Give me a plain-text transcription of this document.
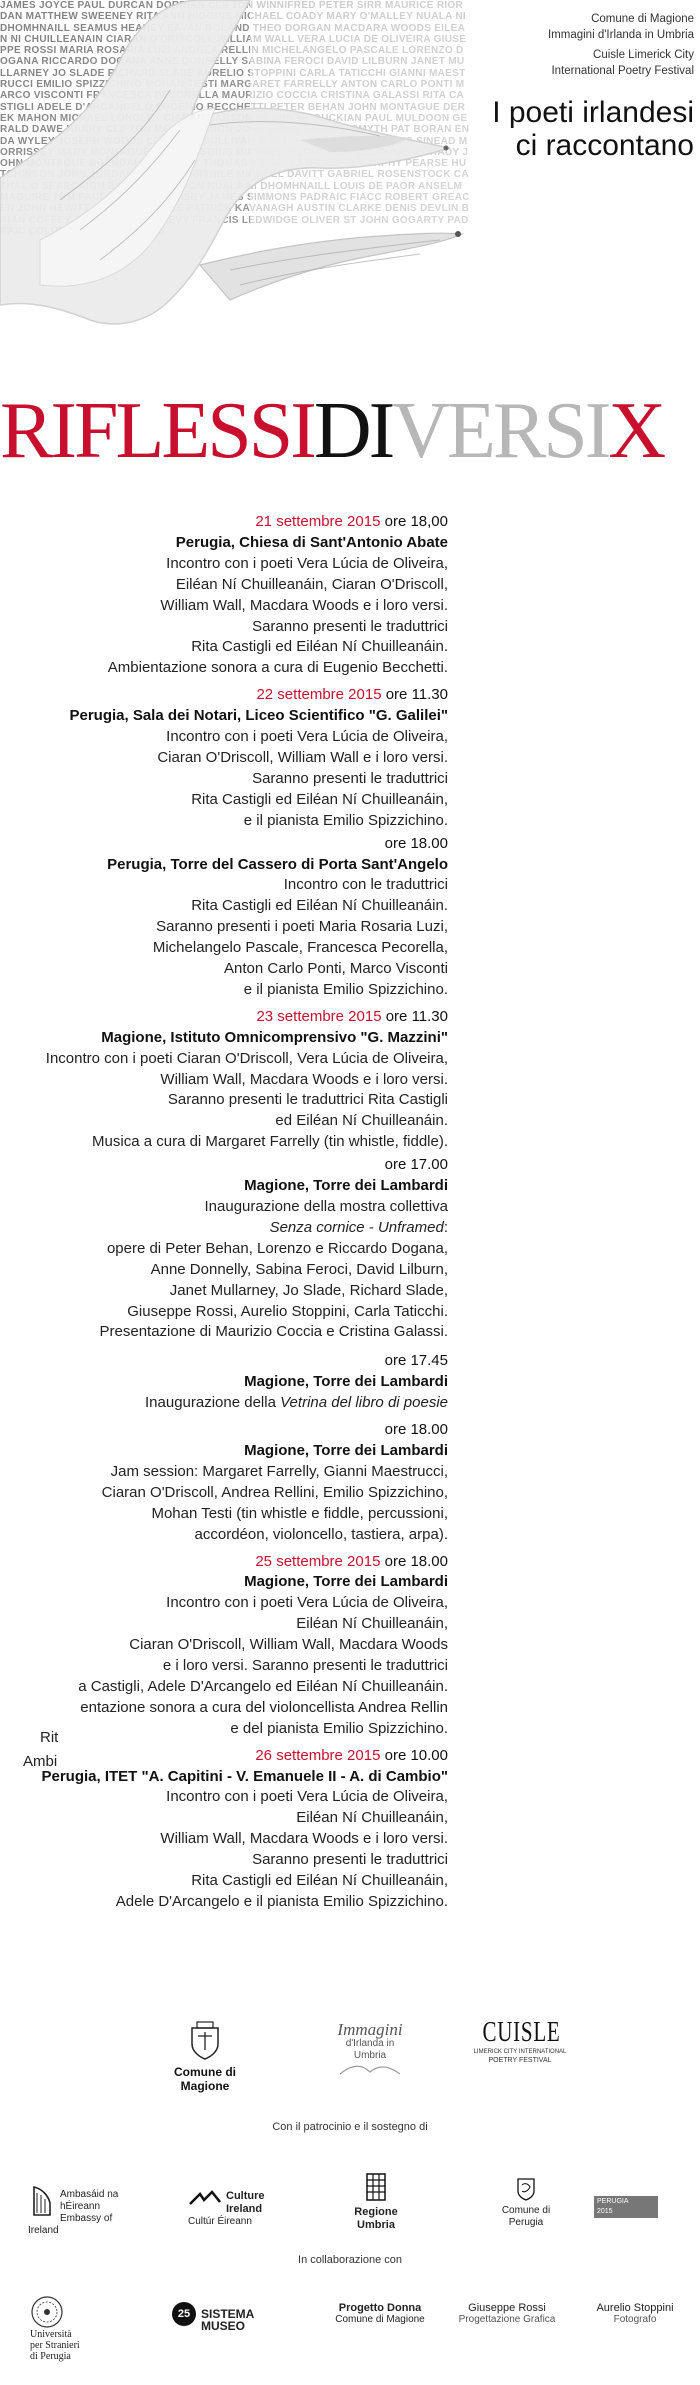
Comune di Magione
Immagini d'Irlanda in Umbria
Cuisle Limerick City
International Poetry Festival
I poeti irlandesi
ci raccontano
RIFLESSIDIVERSIX

21 settembre 2015 ore 18,00

Perugia, Chiesa di Sant'Antonio Abate

Incontro con i poeti Vera Lúcia de Oliveira,

Eiléan Ní Chuilleanáin, Ciaran O'Driscoll,

William Wall, Macdara Woods e i loro versi.

Saranno presenti le traduttrici

Rita Castigli ed Eiléan Ní Chuilleanáin.

Ambientazione sonora a cura di Eugenio Becchetti.

22 settembre 2015 ore 11.30

Perugia, Sala dei Notari, Liceo Scientifico "G. Galilei"

Incontro con i poeti Vera Lúcia de Oliveira,

Ciaran O'Driscoll, William Wall e i loro versi.

Saranno presenti le traduttrici

Rita Castigli ed Eiléan Ní Chuilleanáin,

e il pianista Emilio Spizzichino.

ore 18.00

Perugia, Torre del Cassero di Porta Sant'Angelo

Incontro con le traduttrici

Rita Castigli ed Eiléan Ní Chuilleanáin.

Saranno presenti i poeti Maria Rosaria Luzi,

Michelangelo Pascale, Francesca Pecorella,

Anton Carlo Ponti, Marco Visconti

e il pianista Emilio Spizzichino.

23 settembre 2015 ore 11.30

Magione, Istituto Omnicomprensivo "G. Mazzini"

Incontro con i poeti Ciaran O'Driscoll, Vera Lúcia de Oliveira,

William Wall, Macdara Woods e i loro versi.

Saranno presenti le traduttrici Rita Castigli

ed Eiléan Ní Chuilleanáin.

Musica a cura di Margaret Farrelly (tin whistle, fiddle).

ore 17.00

Magione, Torre dei Lambardi

Inaugurazione della mostra collettiva

Senza cornice - Unframed:

opere di Peter Behan, Lorenzo e Riccardo Dogana,

Anne Donnelly, Sabina Feroci, David Lilburn,

Janet Mullarney, Jo Slade, Richard Slade,

Giuseppe Rossi, Aurelio Stoppini, Carla Taticchi.

Presentazione di Maurizio Coccia e Cristina Galassi.

ore 17.45

Magione, Torre dei Lambardi

Inaugurazione della Vetrina del libro di poesie

ore 18.00

Magione, Torre dei Lambardi

Jam session: Margaret Farrelly, Gianni Maestrucci,

Ciaran O'Driscoll, Andrea Rellini, Emilio Spizzichino,

Mohan Testi (tin whistle e fiddle, percussioni,

accordéon, violoncello, tastiera, arpa).

25 settembre 2015 ore 18.00

Magione, Torre dei Lambardi

Incontro con i poeti Vera Lúcia de Oliveira,

Eiléan Ní Chuilleanáin,

Ciaran O'Driscoll, William Wall, Macdara Woods

e i loro versi. Saranno presenti le traduttrici

a Castigli, Adele D'Arcangelo ed Eiléan Ní Chuilleanáin.

entazione sonora a cura del violoncellista Andrea Rellin

e del pianista Emilio Spizzichino.

26 settembre 2015 ore 10.00

Perugia, ITET "A. Capitini - V. Emanuele II - A. di Cambio"

Incontro con i poeti Vera Lúcia de Oliveira,

Eiléan Ní Chuilleanáin,

William Wall, Macdara Woods e i loro versi.

Saranno presenti le traduttrici

Rita Castigli ed Eiléan Ní Chuilleanáin,

Adele D'Arcangelo e il pianista Emilio Spizzichino.

Rit
Ambi
Comune di Magione
Immagini
d'Irlanda in
Umbria
CUISLE
LIMERICK CITY INTERNATIONAL
POETRY FESTIVAL
Con il patrocinio e il sostegno di
Ambasáid na hÉireann
Embassy of Ireland
Culture Ireland
Cultúr Éireann
Regione Umbria
Comune di Perugia
PERUGIA
2015
In collaborazione con
Università
per Stranieri
di Perugia
25 SISTEMA MUSEO
Progetto Donna
Comune di Magione
Giuseppe Rossi
Progettazione Grafica
Aurelio Stoppini
Fotografo
